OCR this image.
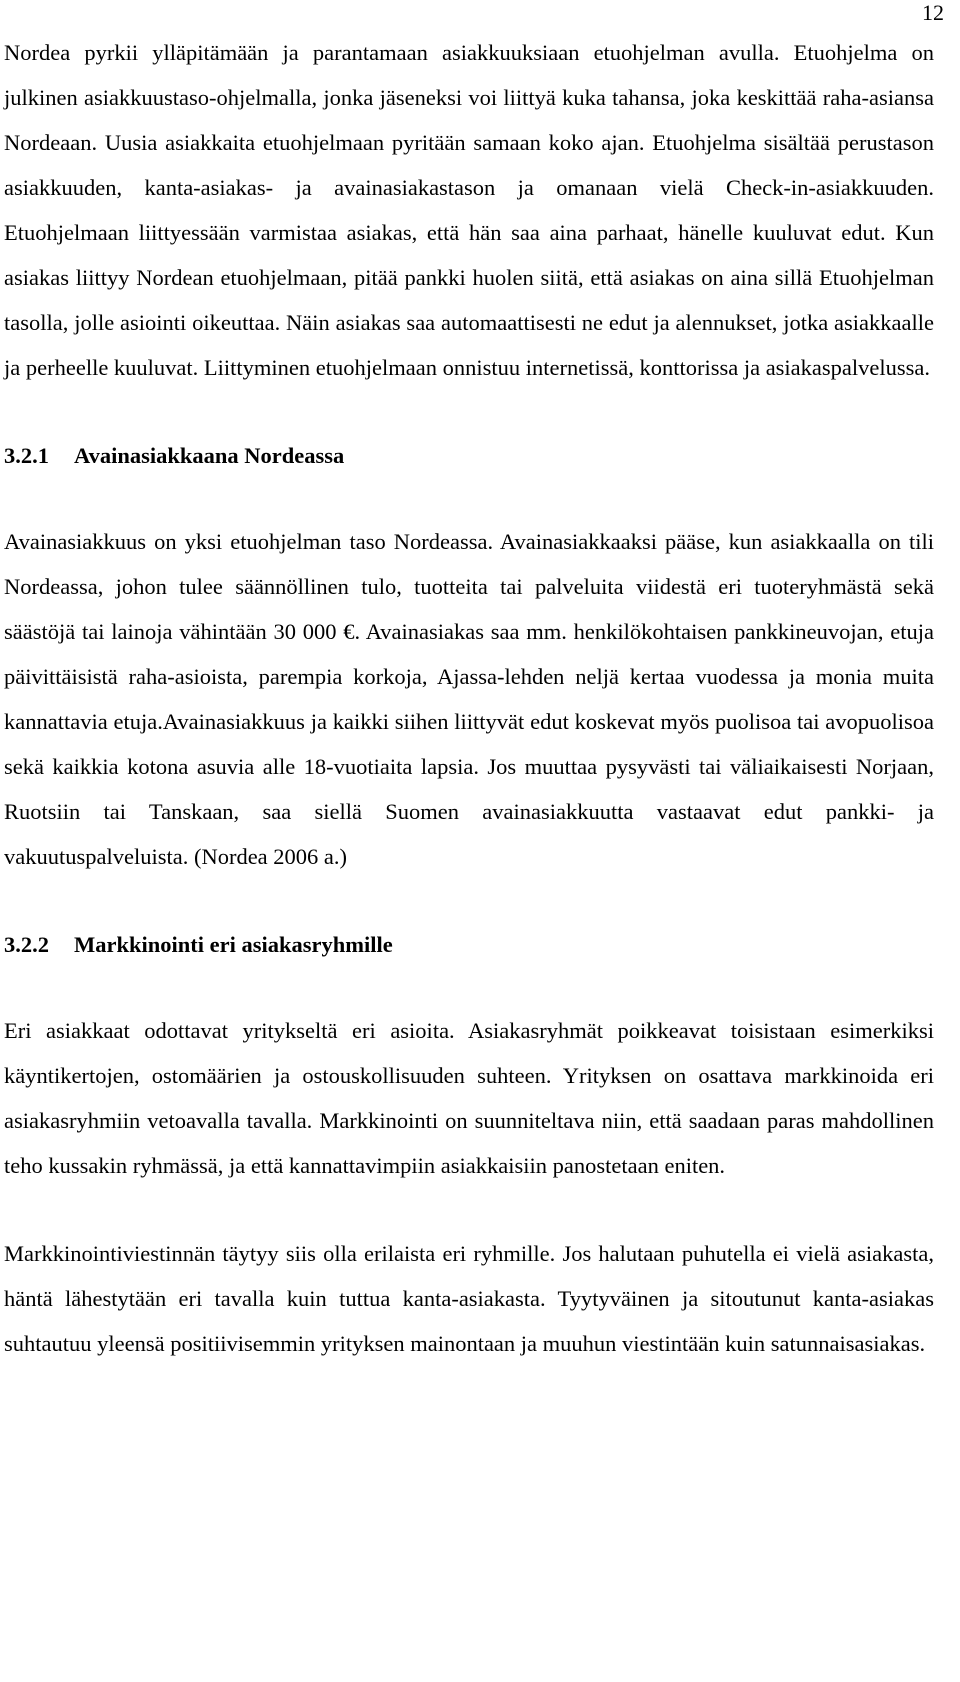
12

Nordea pyrkii ylläpitämään ja parantamaan asiakkuuksiaan etuohjelman avulla. Etuohjelma on julkinen asiakkuustaso-ohjelmalla, jonka jäseneksi voi liittyä kuka tahansa, joka keskittää raha-asiansa Nordeaan. Uusia asiakkaita etuohjelmaan pyritään samaan koko ajan. Etuohjelma sisältää perustason asiakkuuden, kanta-asiakas- ja avainasiakastason ja omanaan vielä Check-in-asiakkuuden. Etuohjelmaan liittyessään varmistaa asiakas, että hän saa aina parhaat, hänelle kuuluvat edut. Kun asiakas liittyy Nordean etuohjelmaan, pitää pankki huolen siitä, että asiakas on aina sillä Etuohjelman tasolla, jolle asiointi oikeuttaa. Näin asiakas saa automaattisesti ne edut ja alennukset, jotka asiakkaalle ja perheelle kuuluvat. Liittyminen etuohjelmaan onnistuu internetissä, konttorissa ja asiakaspalvelussa.

3.2.1 Avainasiakkaana Nordeassa

Avainasiakkuus on yksi etuohjelman taso Nordeassa. Avainasiakkaaksi pääse, kun asiakkaalla on tili Nordeassa, johon tulee säännöllinen tulo, tuotteita tai palveluita viidestä eri tuoteryhmästä sekä säästöjä tai lainoja vähintään 30 000 €. Avainasiakas saa mm. henkilökohtaisen pankkineuvojan, etuja päivittäisistä raha-asioista, parempia korkoja, Ajassa-lehden neljä kertaa vuodessa ja monia muita kannattavia etuja.Avainasiakkuus ja kaikki siihen liittyvät edut koskevat myös puolisoa tai avopuolisoa sekä kaikkia kotona asuvia alle 18-vuotiaita lapsia. Jos muuttaa pysyvästi tai väliaikaisesti Norjaan, Ruotsiin tai Tanskaan, saa siellä Suomen avainasiakkuutta vastaavat edut pankki- ja vakuutuspalveluista. (Nordea 2006 a.)

3.2.2 Markkinointi eri asiakasryhmille

Eri asiakkaat odottavat yritykseltä eri asioita. Asiakasryhmät poikkeavat toisistaan esimerkiksi käyntikertojen, ostomäärien ja ostouskollisuuden suhteen. Yrityksen on osattava markkinoida eri asiakasryhmiin vetoavalla tavalla. Markkinointi on suunniteltava niin, että saadaan paras mahdollinen teho kussakin ryhmässä, ja että kannattavimpiin asiakkaisiin panostetaan eniten.

Markkinointiviestinnän täytyy siis olla erilaista eri ryhmille. Jos halutaan puhutella ei vielä asiakasta, häntä lähestytään eri tavalla kuin tuttua kanta-asiakasta. Tyytyväinen ja sitoutunut kanta-asiakas suhtautuu yleensä positiivisemmin yrityksen mainontaan ja muuhun viestintään kuin satunnaisasiakas.
